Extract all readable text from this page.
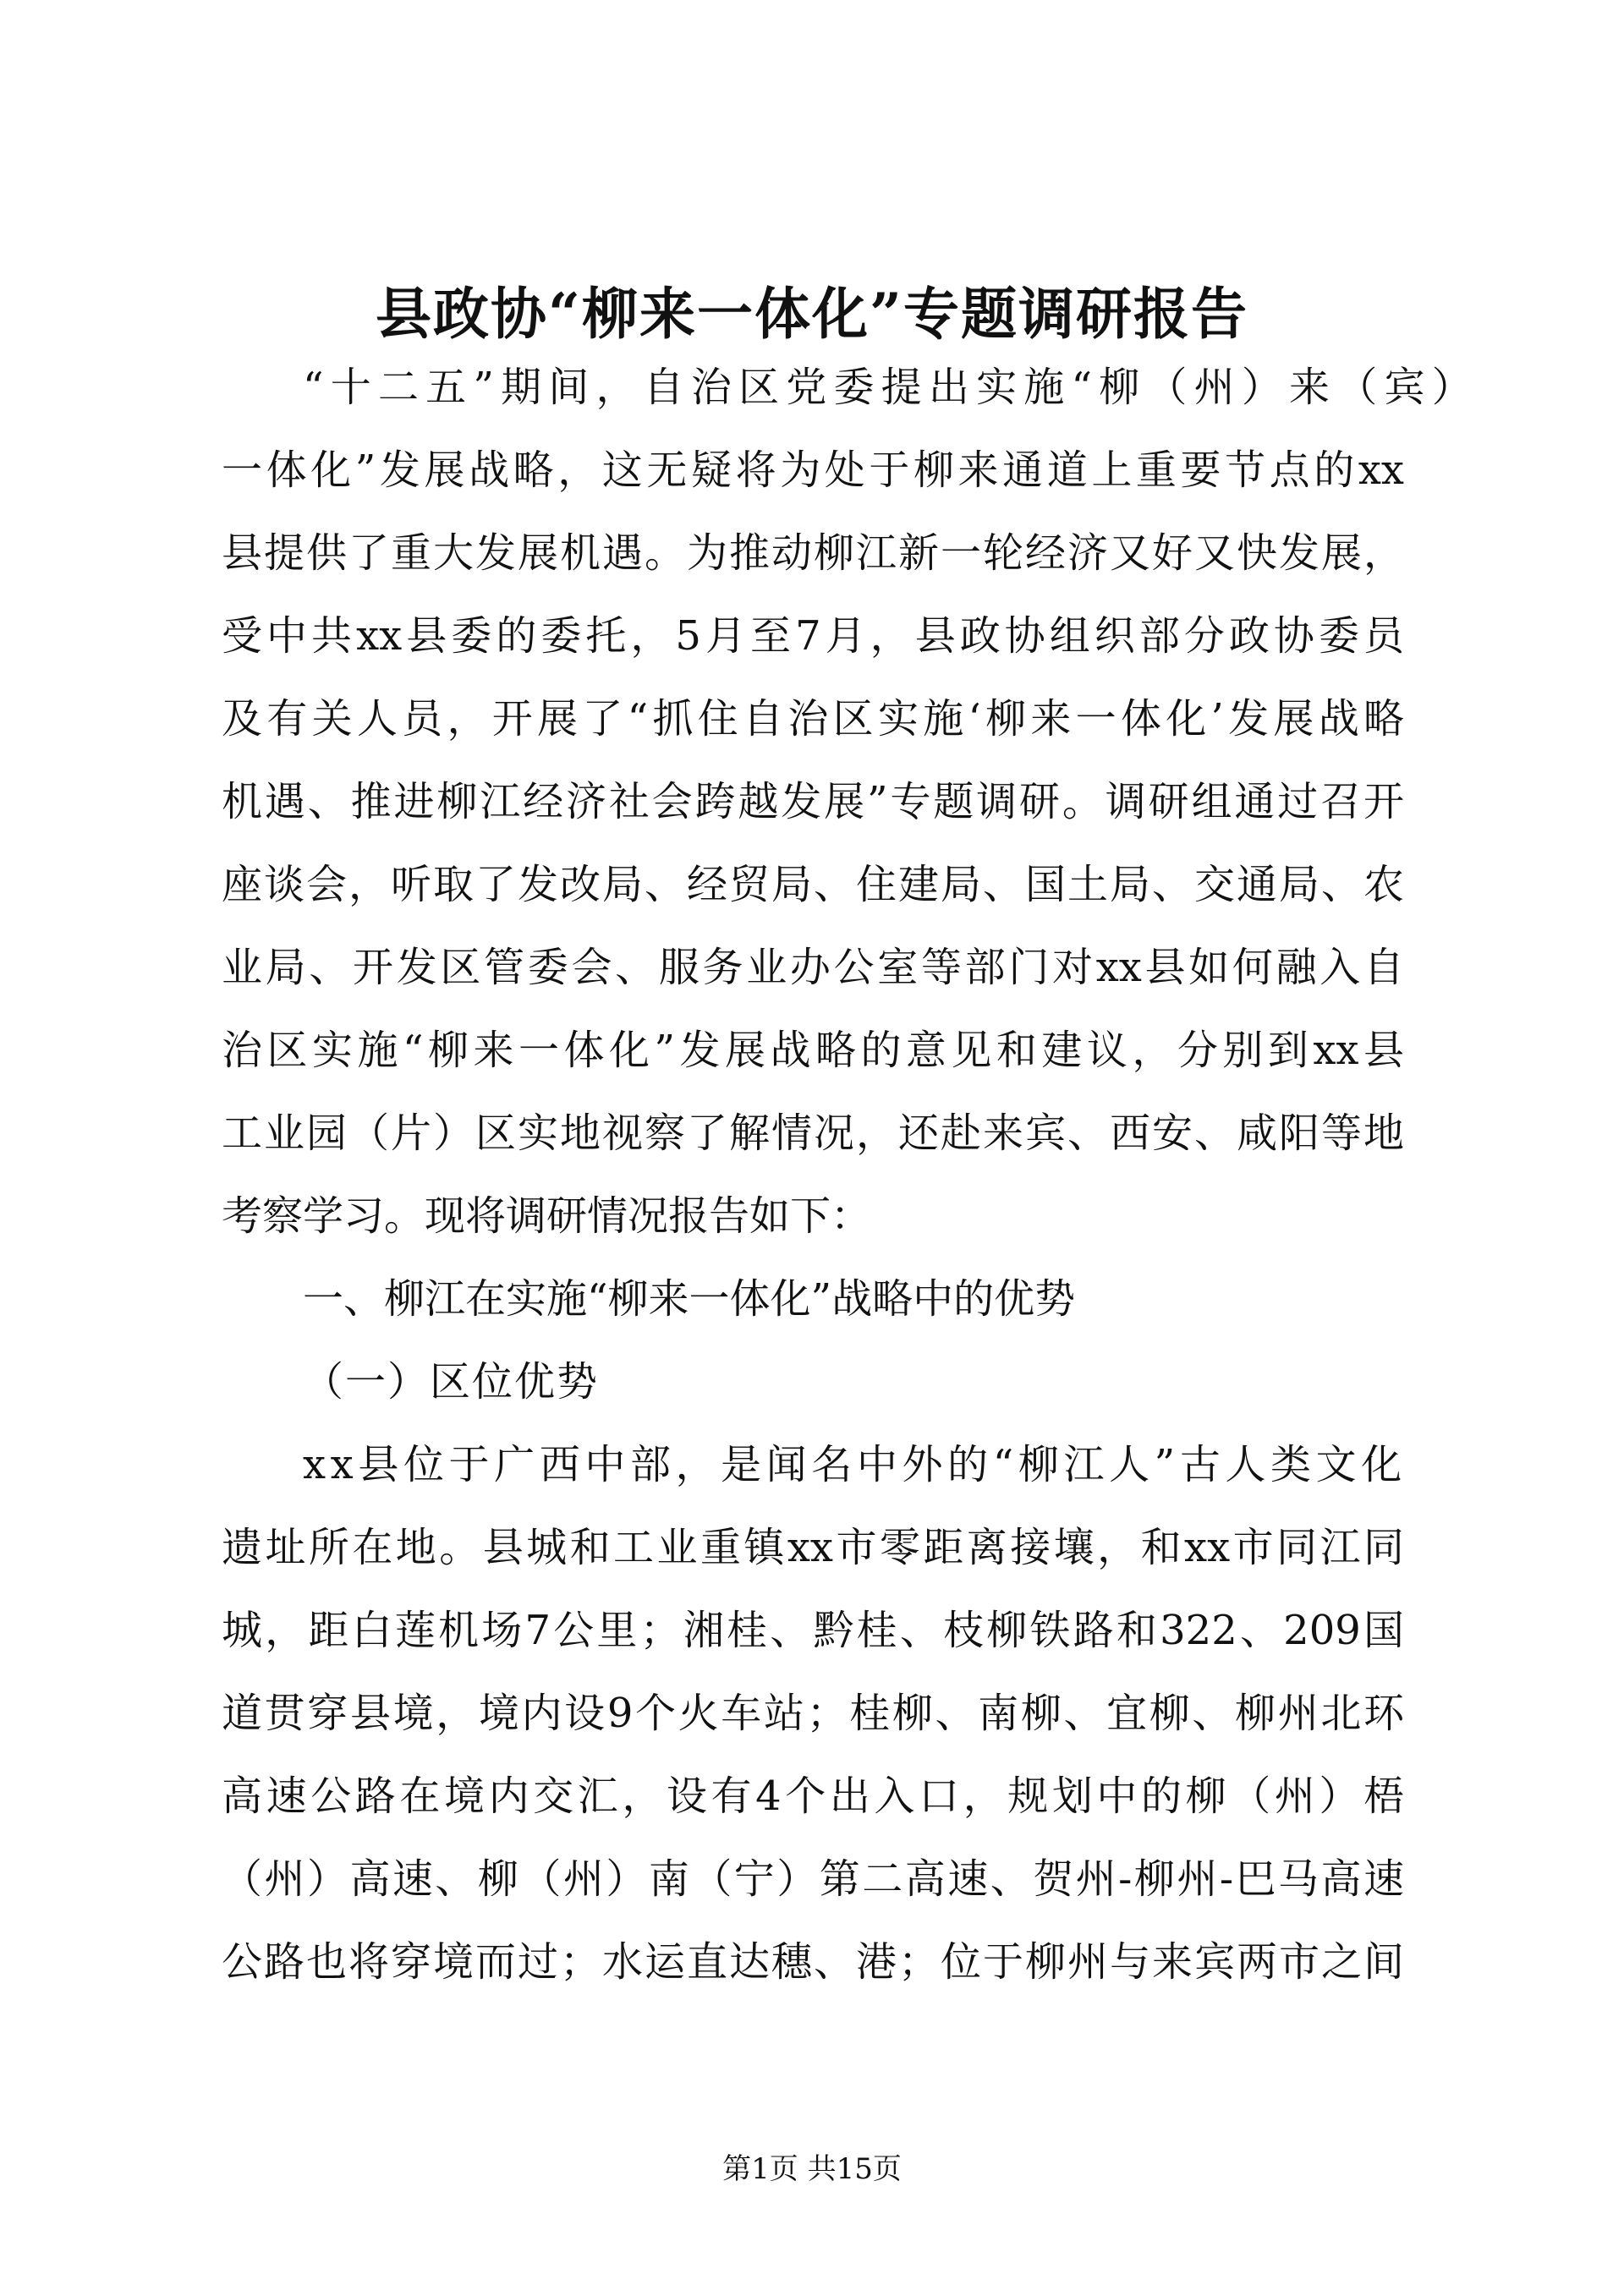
县政协“柳来一体化”专题调研报告
“十二五”期间，自治区党委提出实施“柳（州）来（宾）
一体化”发展战略，这无疑将为处于柳来通道上重要节点的xx
县提供了重大发展机遇。为推动柳江新一轮经济又好又快发展，
受中共xx县委的委托，5月至7月，县政协组织部分政协委员
及有关人员，开展了“抓住自治区实施‘柳来一体化’发展战略
机遇、推进柳江经济社会跨越发展”专题调研。调研组通过召开
座谈会，听取了发改局、经贸局、住建局、国土局、交通局、农
业局、开发区管委会、服务业办公室等部门对xx县如何融入自
治区实施“柳来一体化”发展战略的意见和建议，分别到xx县
工业园（片）区实地视察了解情况，还赴来宾、西安、咸阳等地
考察学习。现将调研情况报告如下：
一、柳江在实施“柳来一体化”战略中的优势
（一）区位优势
xx县位于广西中部，是闻名中外的“柳江人”古人类文化
遗址所在地。县城和工业重镇xx市零距离接壤，和xx市同江同
城，距白莲机场7公里；湘桂、黔桂、枝柳铁路和322、209国
道贯穿县境，境内设9个火车站；桂柳、南柳、宜柳、柳州北环
高速公路在境内交汇，设有4个出入口，规划中的柳（州）梧
（州）高速、柳（州）南（宁）第二高速、贺州-柳州-巴马高速
公路也将穿境而过；水运直达穗、港；位于柳州与来宾两市之间
第1页 共15页
